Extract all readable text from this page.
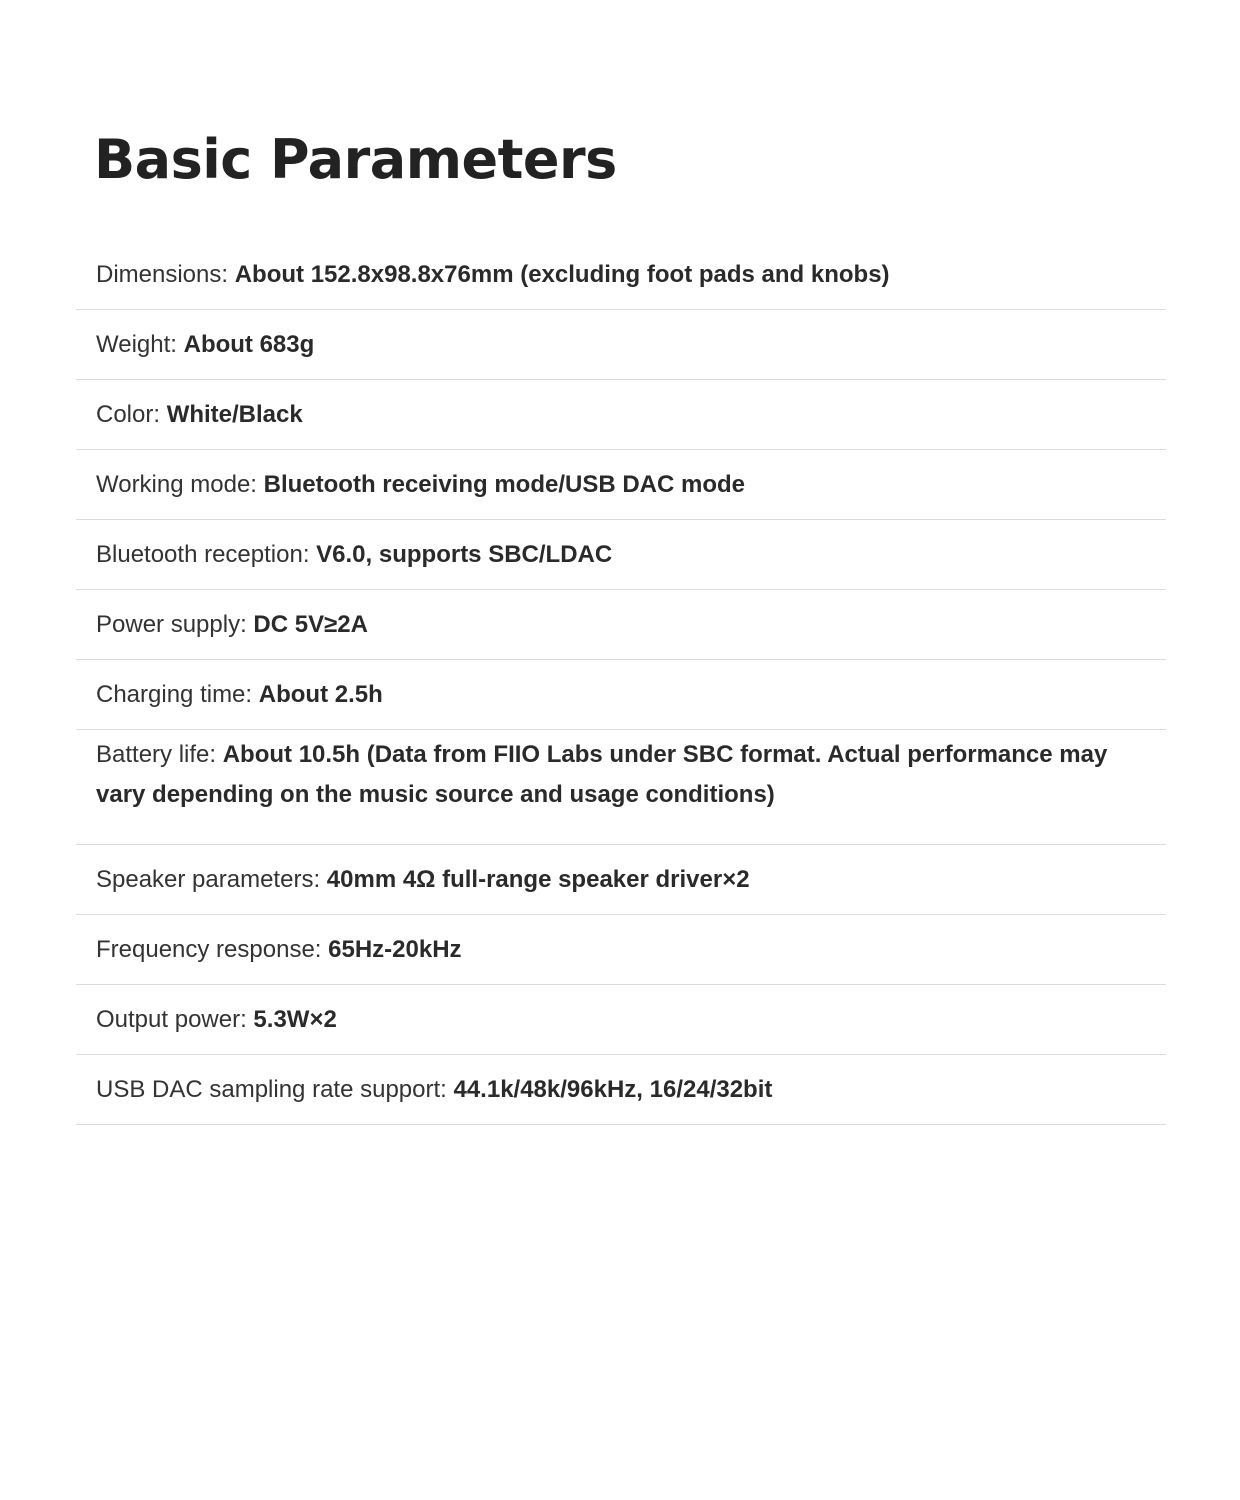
Basic Parameters
Dimensions: About 152.8x98.8x76mm (excluding foot pads and knobs)
Weight: About 683g
Color: White/Black
Working mode: Bluetooth receiving mode/USB DAC mode
Bluetooth reception: V6.0, supports SBC/LDAC
Power supply: DC 5V≥2A
Charging time: About 2.5h
Battery life: About 10.5h (Data from FIIO Labs under SBC format. Actual performance may vary depending on the music source and usage conditions)
Speaker parameters: 40mm 4Ω full-range speaker driver×2
Frequency response: 65Hz-20kHz
Output power: 5.3W×2
USB DAC sampling rate support: 44.1k/48k/96kHz, 16/24/32bit
